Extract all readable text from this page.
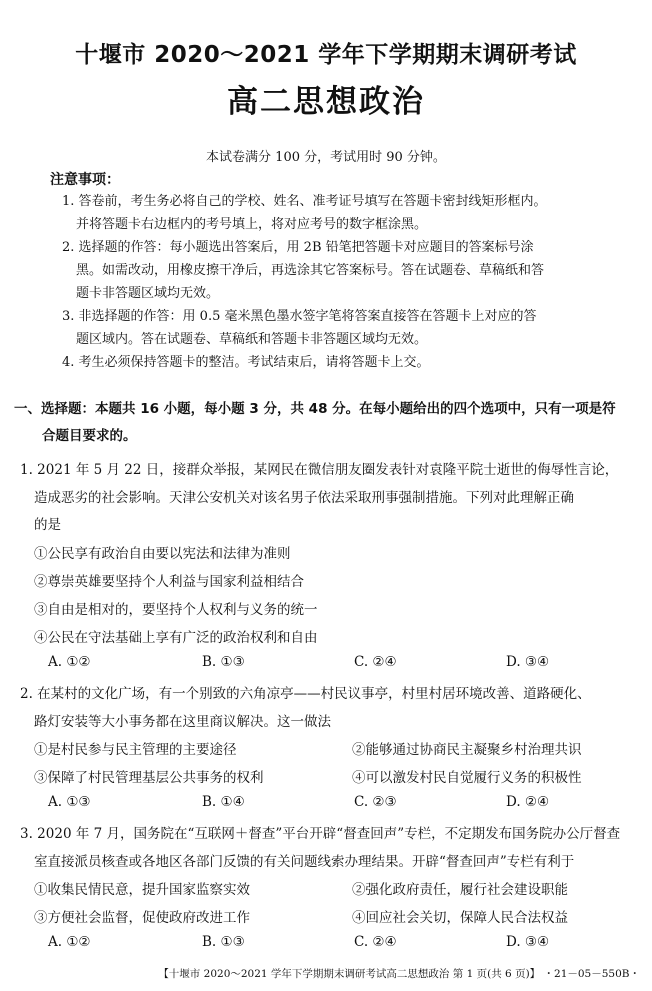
十堰市 2020～2021 学年下学期期末调研考试
高二思想政治
本试卷满分 100 分，考试用时 90 分钟。
注意事项：
1. 答卷前，考生务必将自己的学校、姓名、准考证号填写在答题卡密封线矩形框内。
并将答题卡右边框内的考号填上，将对应考号的数字框涂黑。
2. 选择题的作答：每小题选出答案后，用 2B 铅笔把答题卡对应题目的答案标号涂
黑。如需改动，用橡皮擦干净后，再选涂其它答案标号。答在试题卷、草稿纸和答
题卡非答题区域均无效。
3. 非选择题的作答：用 0.5 毫米黑色墨水签字笔将答案直接答在答题卡上对应的答
题区域内。答在试题卷、草稿纸和答题卡非答题区域均无效。
4. 考生必须保持答题卡的整洁。考试结束后，请将答题卡上交。
一、选择题：本题共 16 小题，每小题 3 分，共 48 分。在每小题给出的四个选项中，只有一项是符
合题目要求的。
1. 2021 年 5 月 22 日，接群众举报，某网民在微信朋友圈发表针对袁隆平院士逝世的侮辱性言论，
造成恶劣的社会影响。天津公安机关对该名男子依法采取刑事强制措施。下列对此理解正确
的是
①公民享有政治自由要以宪法和法律为准则
②尊崇英雄要坚持个人利益与国家利益相结合
③自由是相对的，要坚持个人权利与义务的统一
④公民在守法基础上享有广泛的政治权利和自由
A. ①②	B. ①③	C. ②④	D. ③④
2. 在某村的文化广场，有一个别致的六角凉亭——村民议事亭，村里村居环境改善、道路硬化、
路灯安装等大小事务都在这里商议解决。这一做法
①是村民参与民主管理的主要途径	②能够通过协商民主凝聚乡村治理共识
③保障了村民管理基层公共事务的权利	④可以激发村民自觉履行义务的积极性
A. ①③	B. ①④	C. ②③	D. ②④
3. 2020 年 7 月，国务院在“互联网＋督查”平台开辟“督查回声”专栏，不定期发布国务院办公厅督查
室直接派员核查或各地区各部门反馈的有关问题线索办理结果。开辟“督查回声”专栏有利于
①收集民情民意，提升国家监察实效	②强化政府责任，履行社会建设职能
③方便社会监督，促使政府改进工作	④回应社会关切，保障人民合法权益
A. ①②	B. ①③	C. ②④	D. ③④
【十堰市 2020～2021 学年下学期期末调研考试高二思想政治 第 1 页(共 6 页)】 ・21－05－550B・
